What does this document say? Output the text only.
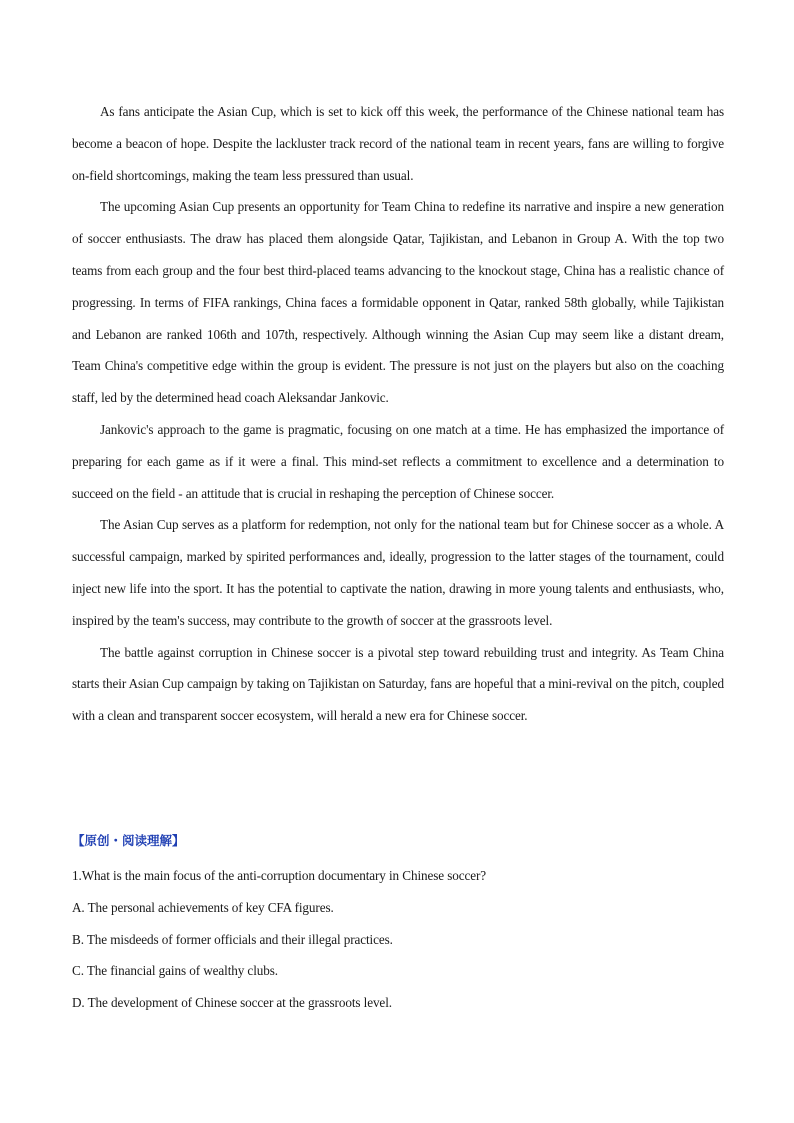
As fans anticipate the Asian Cup, which is set to kick off this week, the performance of the Chinese national team has become a beacon of hope. Despite the lackluster track record of the national team in recent years, fans are willing to forgive on-field shortcomings, making the team less pressured than usual.

The upcoming Asian Cup presents an opportunity for Team China to redefine its narrative and inspire a new generation of soccer enthusiasts. The draw has placed them alongside Qatar, Tajikistan, and Lebanon in Group A. With the top two teams from each group and the four best third-placed teams advancing to the knockout stage, China has a realistic chance of progressing. In terms of FIFA rankings, China faces a formidable opponent in Qatar, ranked 58th globally, while Tajikistan and Lebanon are ranked 106th and 107th, respectively. Although winning the Asian Cup may seem like a distant dream, Team China's competitive edge within the group is evident. The pressure is not just on the players but also on the coaching staff, led by the determined head coach Aleksandar Jankovic.

Jankovic's approach to the game is pragmatic, focusing on one match at a time. He has emphasized the importance of preparing for each game as if it were a final. This mind-set reflects a commitment to excellence and a determination to succeed on the field - an attitude that is crucial in reshaping the perception of Chinese soccer.

The Asian Cup serves as a platform for redemption, not only for the national team but for Chinese soccer as a whole. A successful campaign, marked by spirited performances and, ideally, progression to the latter stages of the tournament, could inject new life into the sport. It has the potential to captivate the nation, drawing in more young talents and enthusiasts, who, inspired by the team's success, may contribute to the growth of soccer at the grassroots level.

The battle against corruption in Chinese soccer is a pivotal step toward rebuilding trust and integrity. As Team China starts their Asian Cup campaign by taking on Tajikistan on Saturday, fans are hopeful that a mini-revival on the pitch, coupled with a clean and transparent soccer ecosystem, will herald a new era for Chinese soccer.

【原创・阅读理解】

1.What is the main focus of the anti-corruption documentary in Chinese soccer?

A. The personal achievements of key CFA figures.

B. The misdeeds of former officials and their illegal practices.

C. The financial gains of wealthy clubs.

D. The development of Chinese soccer at the grassroots level.
